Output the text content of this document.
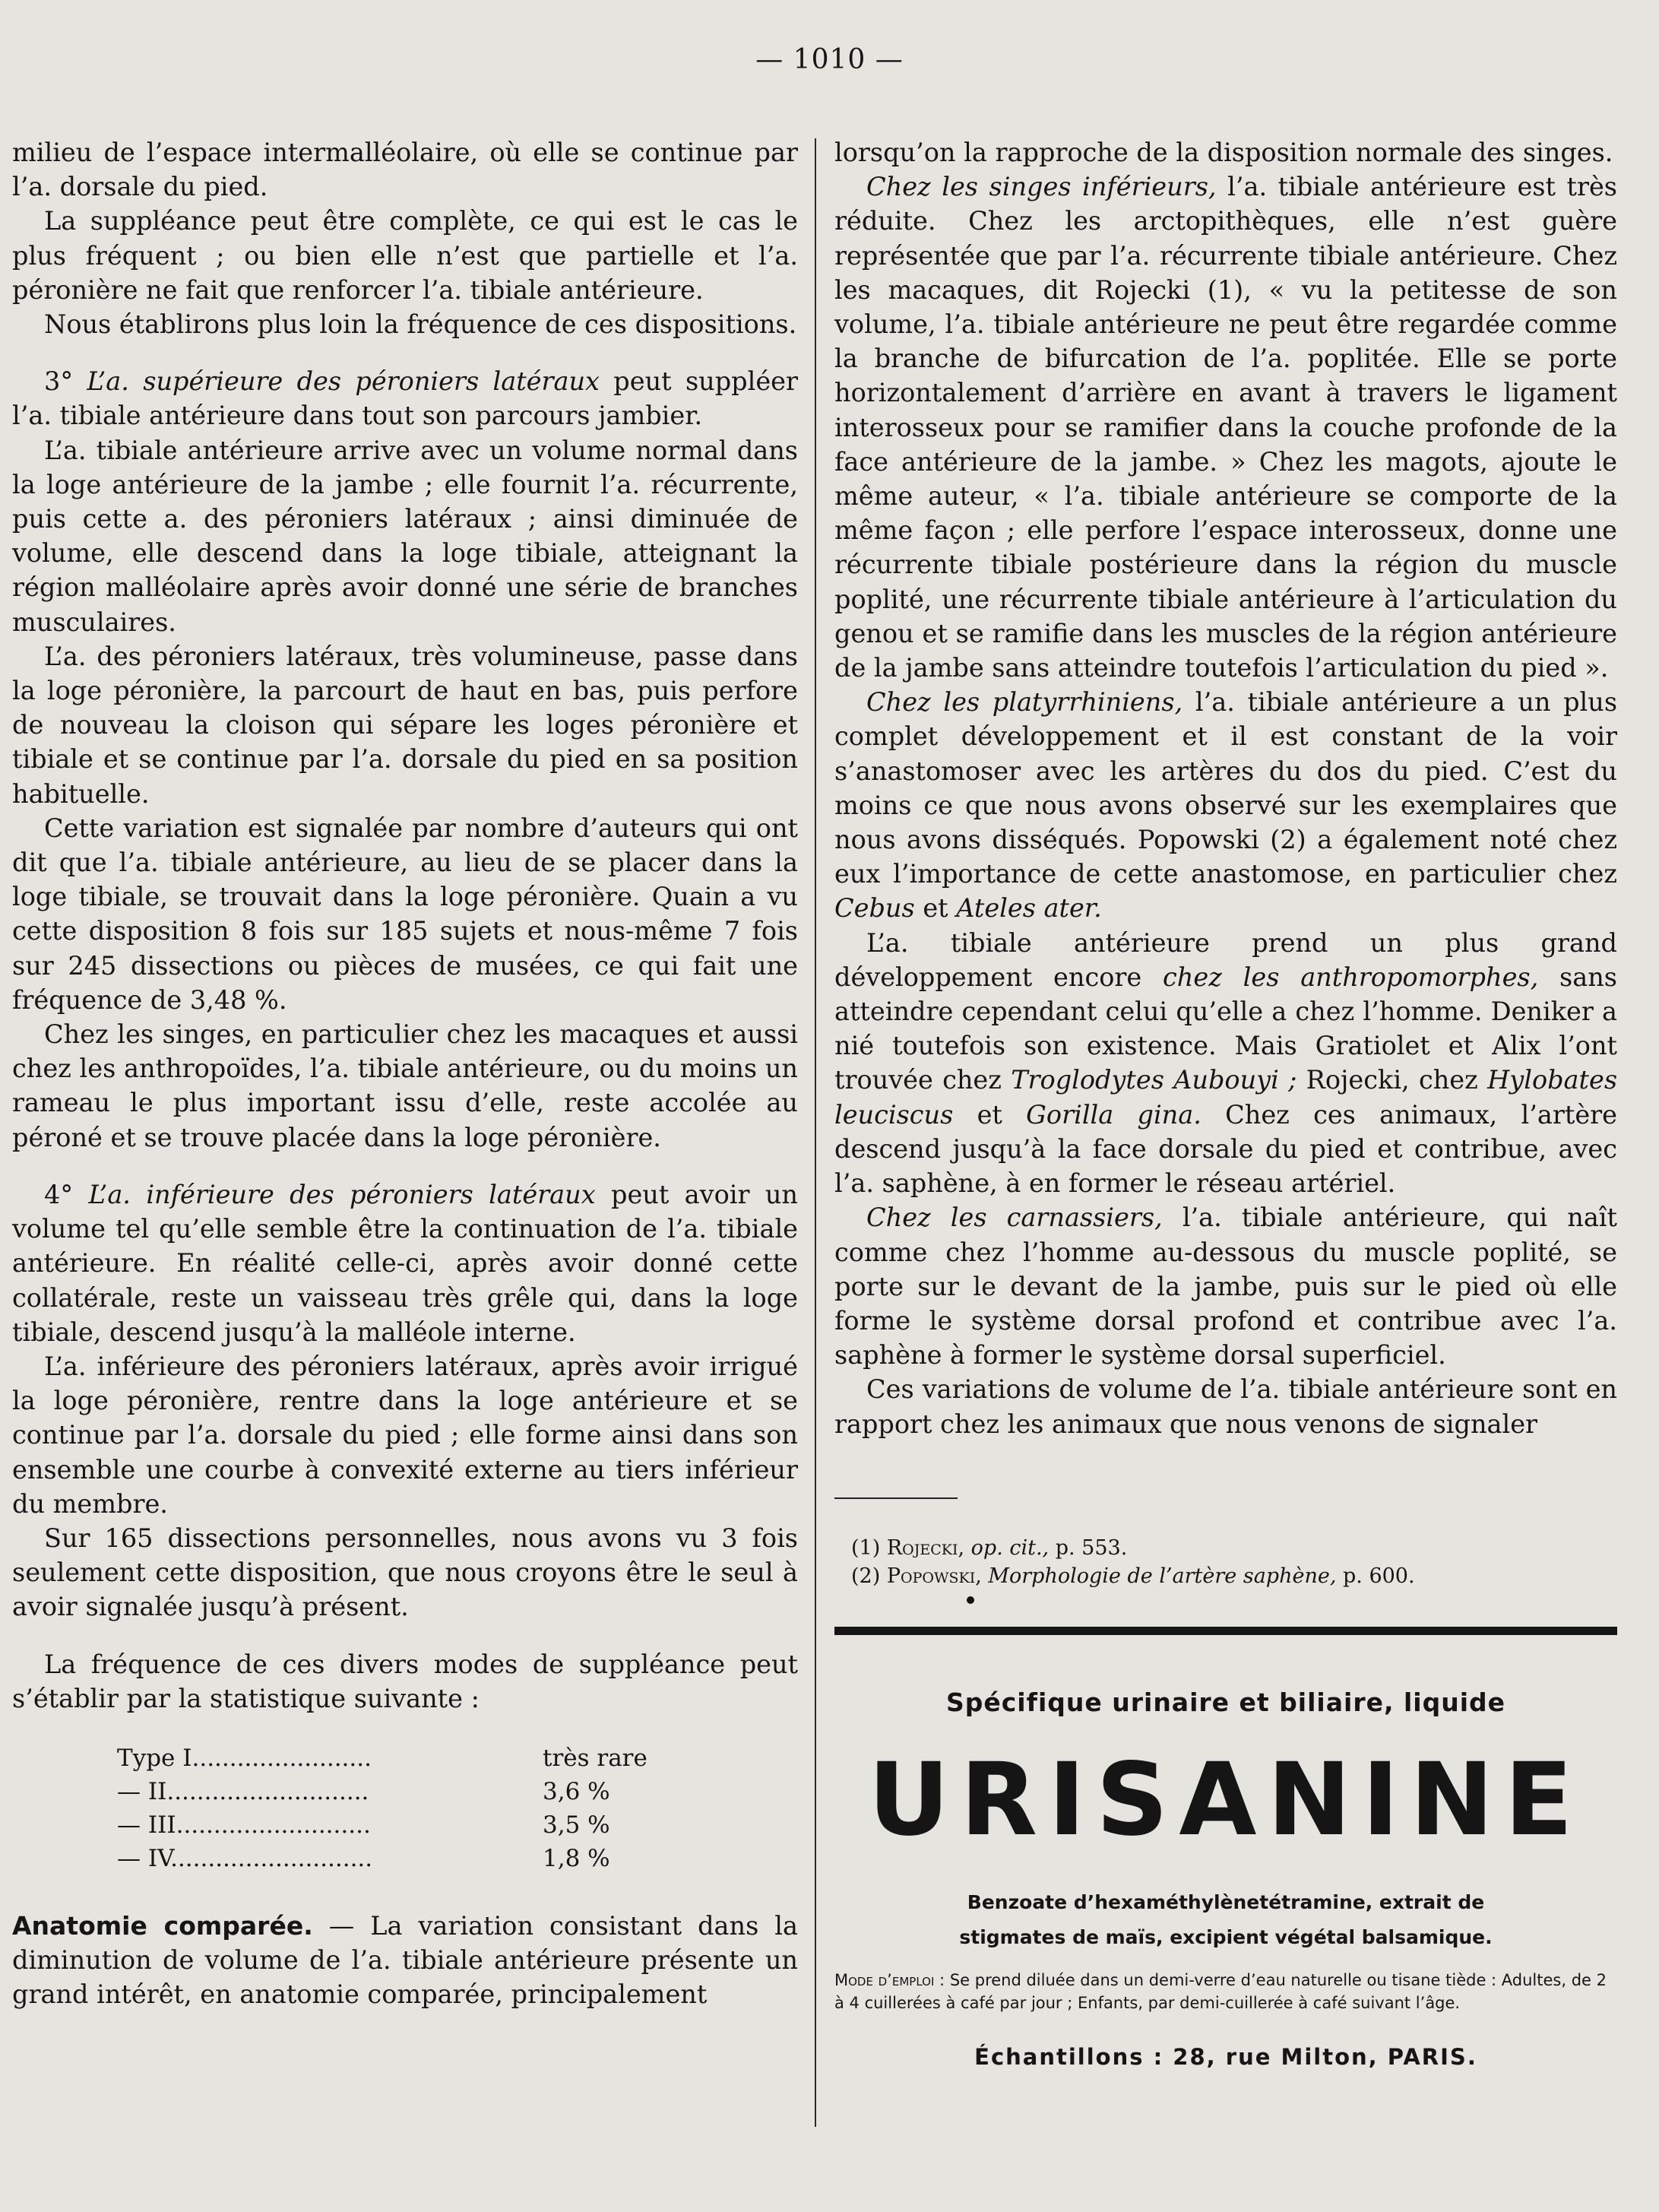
— 1010 —

milieu de l’espace intermalléolaire, où elle se continue par l’a. dorsale du pied.

La suppléance peut être complète, ce qui est le cas le plus fréquent ; ou bien elle n’est que partielle et l’a. péronière ne fait que renforcer l’a. tibiale antérieure.

Nous établirons plus loin la fréquence de ces dispositions.

3° L’a. supérieure des péroniers latéraux peut suppléer l’a. tibiale antérieure dans tout son parcours jambier.

L’a. tibiale antérieure arrive avec un volume normal dans la loge antérieure de la jambe ; elle fournit l’a. récurrente, puis cette a. des péroniers latéraux ; ainsi diminuée de volume, elle descend dans la loge tibiale, atteignant la région malléolaire après avoir donné une série de branches musculaires.

L’a. des péroniers latéraux, très volumineuse, passe dans la loge péronière, la parcourt de haut en bas, puis perfore de nouveau la cloison qui sépare les loges péronière et tibiale et se continue par l’a. dorsale du pied en sa position habituelle.

Cette variation est signalée par nombre d’auteurs qui ont dit que l’a. tibiale antérieure, au lieu de se placer dans la loge tibiale, se trouvait dans la loge péronière. Quain a vu cette disposition 8 fois sur 185 sujets et nous-même 7 fois sur 245 dissections ou pièces de musées, ce qui fait une fréquence de 3,48 %.

Chez les singes, en particulier chez les macaques et aussi chez les anthropoïdes, l’a. tibiale antérieure, ou du moins un rameau le plus important issu d’elle, reste accolée au péroné et se trouve placée dans la loge péronière.

4° L’a. inférieure des péroniers latéraux peut avoir un volume tel qu’elle semble être la continuation de l’a. tibiale antérieure. En réalité celle-ci, après avoir donné cette collatérale, reste un vaisseau très grêle qui, dans la loge tibiale, descend jusqu’à la malléole interne.

L’a. inférieure des péroniers latéraux, après avoir irrigué la loge péronière, rentre dans la loge antérieure et se continue par l’a. dorsale du pied ; elle forme ainsi dans son ensemble une courbe à convexité externe au tiers inférieur du membre.

Sur 165 dissections personnelles, nous avons vu 3 fois seulement cette disposition, que nous croyons être le seul à avoir signalée jusqu’à présent.

La fréquence de ces divers modes de suppléance peut s’établir par la statistique suivante :

Type I........................	très rare
— II...........................	3,6 %
— III..........................	3,5 %
— IV...........................	1,8 %

Anatomie comparée. — La variation consistant dans la diminution de volume de l’a. tibiale antérieure présente un grand intérêt, en anatomie comparée, principalement

lorsqu’on la rapproche de la disposition normale des singes.

Chez les singes inférieurs, l’a. tibiale antérieure est très réduite. Chez les arctopithèques, elle n’est guère représentée que par l’a. récurrente tibiale antérieure. Chez les macaques, dit Rojecki (1), « vu la petitesse de son volume, l’a. tibiale antérieure ne peut être regardée comme la branche de bifurcation de l’a. poplitée. Elle se porte horizontalement d’arrière en avant à travers le ligament interosseux pour se ramifier dans la couche profonde de la face antérieure de la jambe. » Chez les magots, ajoute le même auteur, « l’a. tibiale antérieure se comporte de la même façon ; elle perfore l’espace interosseux, donne une récurrente tibiale postérieure dans la région du muscle poplité, une récurrente tibiale antérieure à l’articulation du genou et se ramifie dans les muscles de la région antérieure de la jambe sans atteindre toutefois l’articulation du pied ».

Chez les platyrrhiniens, l’a. tibiale antérieure a un plus complet développement et il est constant de la voir s’anastomoser avec les artères du dos du pied. C’est du moins ce que nous avons observé sur les exemplaires que nous avons disséqués. Popowski (2) a également noté chez eux l’importance de cette anastomose, en particulier chez Cebus et Ateles ater.

L’a. tibiale antérieure prend un plus grand développement encore chez les anthropomorphes, sans atteindre cependant celui qu’elle a chez l’homme. Deniker a nié toutefois son existence. Mais Gratiolet et Alix l’ont trouvée chez Troglodytes Aubouyi ; Rojecki, chez Hylobates leuciscus et Gorilla gina. Chez ces animaux, l’artère descend jusqu’à la face dorsale du pied et contribue, avec l’a. saphène, à en former le réseau artériel.

Chez les carnassiers, l’a. tibiale antérieure, qui naît comme chez l’homme au-dessous du muscle poplité, se porte sur le devant de la jambe, puis sur le pied où elle forme le système dorsal profond et contribue avec l’a. saphène à former le système dorsal superficiel.

Ces variations de volume de l’a. tibiale antérieure sont en rapport chez les animaux que nous venons de signaler

(1) Rojecki, op. cit., p. 553.
(2) Popowski, Morphologie de l’artère saphène, p. 600.
Spécifique urinaire et biliaire, liquide
URISANINE
Benzoate d’hexaméthylènetétramine, extrait de
stigmates de maïs, excipient végétal balsamique.
Mode d’emploi : Se prend diluée dans un demi-verre d’eau naturelle ou tisane tiède : Adultes, de 2 à 4 cuillerées à café par jour ; Enfants, par demi-cuillerée à café suivant l’âge.
Échantillons : 28, rue Milton, PARIS.
